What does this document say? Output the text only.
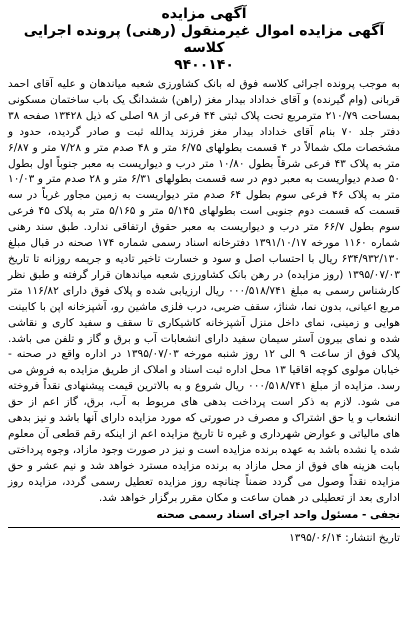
آگهی مزایده
آگهی مزایده اموال غیرمنقول (رهنی) پرونده اجرایی کلاسه
۹۴۰۰۱۴۰

به موجب پرونده اجرائی کلاسه فوق له بانک کشاورزی شعبه میاندهان و علیه آقای احمد قربانی (وام گیرنده) و آقای خداداد بیدار مغز (راهن) ششدانگ یک باب ساختمان مسکونی بمساحت ۲۱۰/۷۹ مترمربع تحت پلاک ثبتی ۴۴ فرعی از ۹۸ اصلی که ذیل ۱۳۴۲۸ صفحه ۳۸ دفتر جلد ۷۰ بنام آقای خداداد بیدار مغز فرزند یدالله ثبت و صادر گردیده، حدود و مشخصات ملک شمالاً در ۴ قسمت بطولهای ۶/۷۵ متر و ۴۸ صدم متر و ۷/۲۸ متر و ۶/۸۷ متر به پلاک ۴۳ فرعی شرقاً بطول ۱۰/۸۰ متر درب و دیواریست به معبر جنوباً اول بطول ۵۰ صدم دیواریست به معبر دوم در سه قسمت بطولهای ۶/۳۱ متر و ۲۸ صدم متر و ۱۰/۰۳ متر به پلاک ۴۶ فرعی سوم بطول ۶۴ صدم متر دیواریست به زمین مجاور غرباً در سه قسمت که قسمت دوم جنوبی است بطولهای ۵/۱۴۵ متر و ۵/۱۶۵ متر به پلاک ۴۵ فرعی سوم بطول ۶۶/۷ متر درب و دیواریست به معبر حقوق ارتفاقی ندارد. طبق سند رهنی شماره ۱۱۶۰ مورخه ۱۳۹۱/۱۰/۱۷ دفترخانه اسناد رسمی شماره ۱۷۴ صحنه در قبال مبلغ ۶۳۴/۹۳۲/۱۳۰ ریال با احتساب اصل و سود و خسارت تاخیر تادیه و جریمه روزانه تا تاریخ ۱۳۹۵/۰۷/۰۳ (روز مزایده) در رهن بانک کشاورزی شعبه میاندهان قرار گرفته و طبق نظر کارشناس رسمی به مبلغ ۰۰۰/۵۱۸/۷۴۱ ریال ارزیابی شده و پلاک فوق دارای ۱۱۶/۸۲ متر مربع اعیانی، بدون نما، شناژ، سقف ضربی، درب فلزی ماشین رو، آشپزخانه اپن با کابینت هوایی و زمینی، نمای داخل منزل آشپزخانه کاشیکاری تا سقف و سفید کاری و نقاشی شده و نمای بیرون آستر سیمان سفید دارای انشعابات آب و برق و گاز و تلفن می باشد. پلاک فوق از ساعت ۹ الی ۱۲ روز شنبه مورخه ۱۳۹۵/۰۷/۰۳ در اداره واقع در صحنه - خیابان مولوی کوچه اقاقیا ۱۳ محل اداره ثبت اسناد و املاک از طریق مزایده به فروش می رسد. مزایده از مبلغ ۰۰۰/۵۱۸/۷۴۱ ریال شروع و به بالاترین قیمت پیشنهادی نقداً فروخته می شود. لازم به ذکر است پرداخت بدهی های مربوط به آب، برق، گاز اعم از حق انشعاب و یا حق اشتراک و مصرف در صورتی که مورد مزایده دارای آنها باشد و نیز بدهی های مالیاتی و عوارض شهرداری و غیره تا تاریخ مزایده اعم از اینکه رقم قطعی آن معلوم شده یا نشده باشد به عهده برنده مزایده است و نیز در صورت وجود مازاد، وجوه پرداختی بابت هزینه های فوق از محل مازاد به برنده مزایده مسترد خواهد شد و نیم عشر و حق مزایده نقداً وصول می گردد ضمناً چنانچه روز مزایده تعطیل رسمی گردد، مزایده روز اداری بعد از تعطیلی در همان ساعت و مکان مقرر برگزار خواهد شد.

نجفی - مسئول واحد اجرای اسناد رسمی صحنه
تاریخ انتشار: ۱۳۹۵/۰۶/۱۴
